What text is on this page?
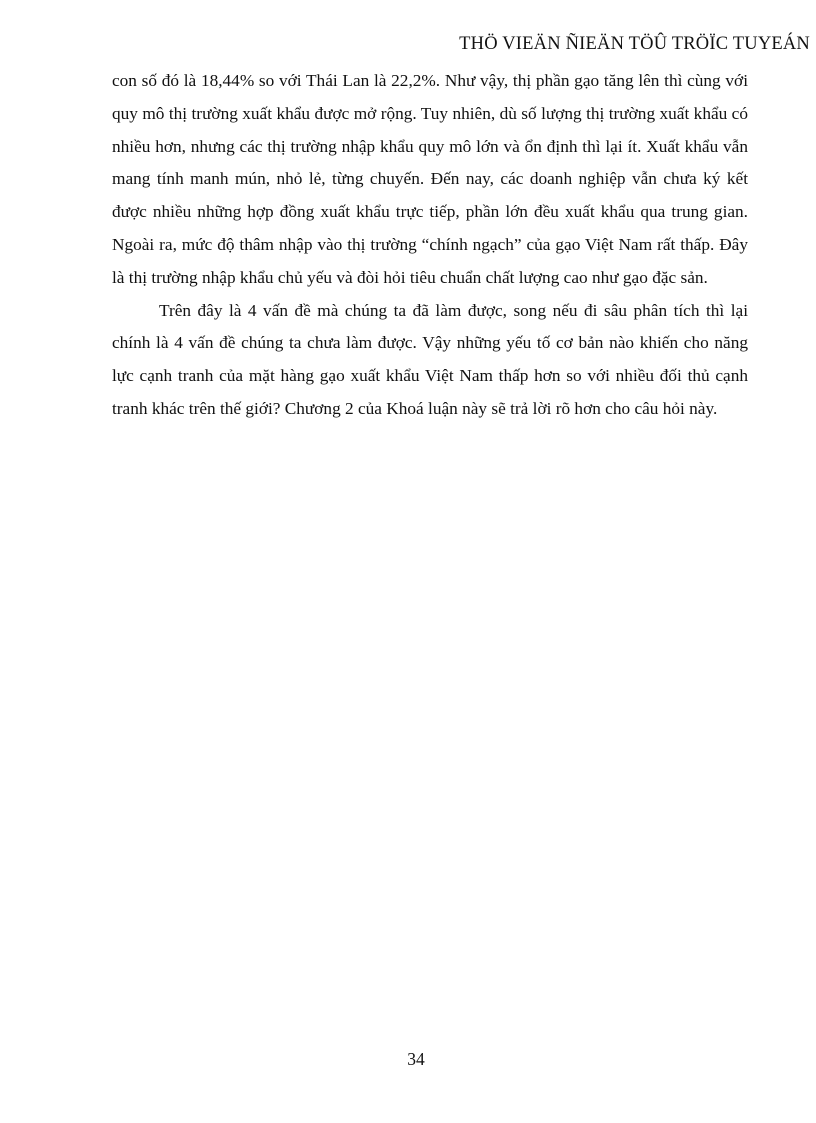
THÖ VIEÄN ÑIEÄN TÖÛ TRÖÏC TUYEÁN

con số đó là 18,44% so với Thái Lan là 22,2%. Như vậy, thị phần gạo tăng lên thì cùng với quy mô thị trường xuất khẩu được mở rộng. Tuy nhiên, dù số lượng thị trường xuất khẩu có nhiều hơn, nhưng các thị trường nhập khẩu quy mô lớn và ổn định thì lại ít. Xuất khẩu vẫn mang tính manh mún, nhỏ lẻ, từng chuyến. Đến nay, các doanh nghiệp vẫn chưa ký kết được nhiều những hợp đồng xuất khẩu trực tiếp, phần lớn đều xuất khẩu qua trung gian. Ngoài ra, mức độ thâm nhập vào thị trường “chính ngạch” của gạo Việt Nam rất thấp. Đây là thị trường nhập khẩu chủ yếu và đòi hỏi tiêu chuẩn chất lượng cao như gạo đặc sản.

Trên đây là 4 vấn đề mà chúng ta đã làm được, song nếu đi sâu phân tích thì lại chính là 4 vấn đề chúng ta chưa làm được. Vậy những yếu tố cơ bản nào khiến cho năng lực cạnh tranh của mặt hàng gạo xuất khẩu Việt Nam thấp hơn so với nhiều đối thủ cạnh tranh khác trên thế giới? Chương 2 của Khoá luận này sẽ trả lời rõ hơn cho câu hỏi này.

34
